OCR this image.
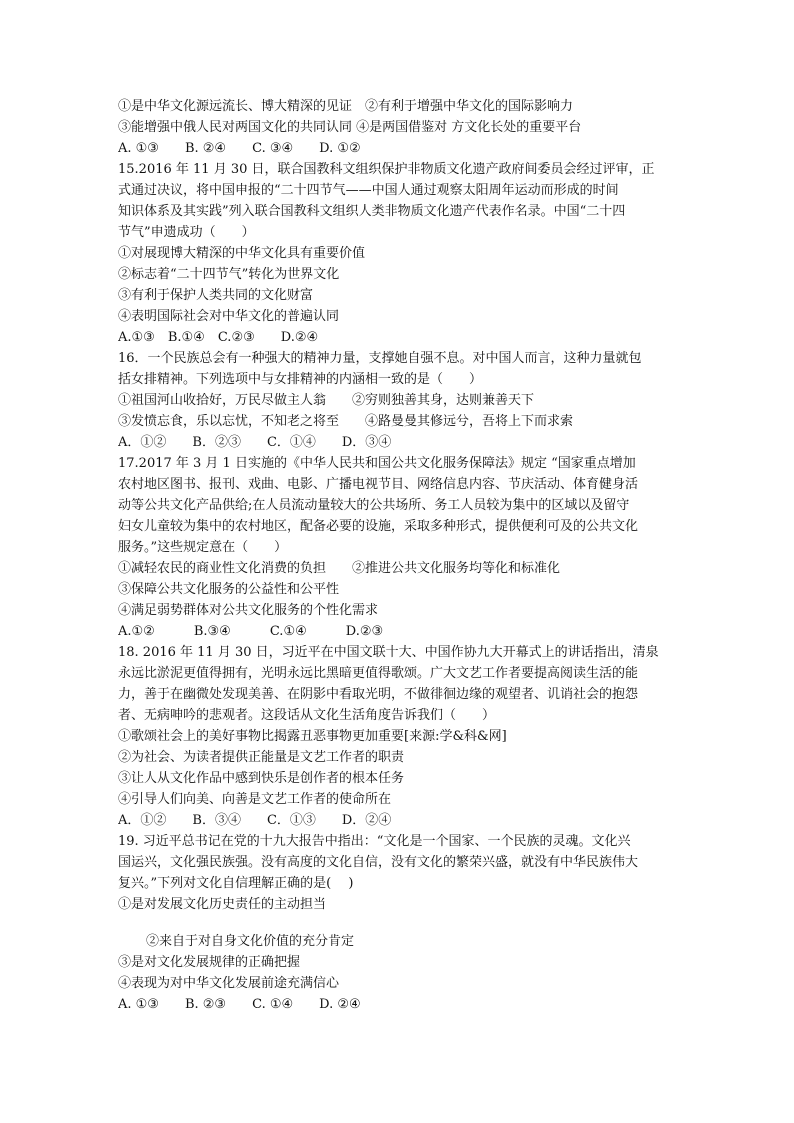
①是中华文化源远流长、博大精深的见证　②有利于增强中华文化的国际影响力
③能增强中俄人民对两国文化的共同认同 ④是两国借鉴对 方文化长处的重要平台
A. ①③　　B. ②④　　C. ③④　　D. ①②
15.2016 年 11 月 30 日，联合国教科文组织保护非物质文化遗产政府间委员会经过评审，正
式通过决议，将中国申报的“二十四节气——中国人通过观察太阳周年运动而形成的时间
知识体系及其实践”列入联合国教科文组织人类非物质文化遗产代表作名录。中国“二十四
节气”申遗成功（　　）
①对展现博大精深的中华文化具有重要价值
②标志着“二十四节气”转化为世界文化
③有利于保护人类共同的文化财富
④表明国际社会对中华文化的普遍认同
A.①③　B.①④　C.②③　　D.②④
16．一个民族总会有一种强大的精神力量，支撑她自强不息。对中国人而言，这种力量就包
括女排精神。下列选项中与女排精神的内涵相一致的是（　　）
①祖国河山收拾好，万民尽做主人翁　　②穷则独善其身，达则兼善天下
③发愤忘食，乐以忘忧，不知老之将至　　④路曼曼其修远兮，吾将上下而求索
A．①②　　B．②③　　C．①④　　D．③④
17.2017 年 3 月 1 日实施的《中华人民共和国公共文化服务保障法》规定 “国家重点增加
农村地区图书、报刊、戏曲、电影、广播电视节目、网络信息内容、节庆活动、体育健身活
动等公共文化产品供给;在人员流动量较大的公共场所、务工人员较为集中的区域以及留守
妇女儿童较为集中的农村地区，配备必要的设施，采取多种形式，提供便利可及的公共文化
服务。”这些规定意在（　　）
①减轻农民的商业性文化消费的负担　　②推进公共文化服务均等化和标准化
③保障公共文化服务的公益性和公平性
④满足弱势群体对公共文化服务的个性化需求
A.①②　　　B.③④　　　C.①④　　　D.②③
18. 2016 年 11 月 30 日，习近平在中国文联十大、中国作协九大开幕式上的讲话指出，清泉
永远比淤泥更值得拥有，光明永远比黑暗更值得歌颂。广大文艺工作者要提高阅读生活的能
力，善于在幽微处发现美善、在阴影中看取光明，不做徘徊边缘的观望者、讥诮社会的抱怨
者、无病呻吟的悲观者。这段话从文化生活角度告诉我们（　　）
①歌颂社会上的美好事物比揭露丑恶事物更加重要[来源:学&科&网]
②为社会、为读者提供正能量是文艺工作者的职责
③让人从文化作品中感到快乐是创作者的根本任务
④引导人们向美、向善是文艺工作者的使命所在
A．①②　　B．③④　　C．①③　　D．②④
19. 习近平总书记在党的十九大报告中指出：“文化是一个国家、一个民族的灵魂。文化兴
国运兴，文化强民族强。没有高度的文化自信，没有文化的繁荣兴盛，就没有中华民族伟大
复兴。”下列对文化自信理解正确的是(　 )
①是对发展文化历史责任的主动担当
②来自于对自身文化价值的充分肯定
③是对文化发展规律的正确把握
④表现为对中华文化发展前途充满信心
A. ①③　　B. ②③　　C. ①④　　D. ②④
